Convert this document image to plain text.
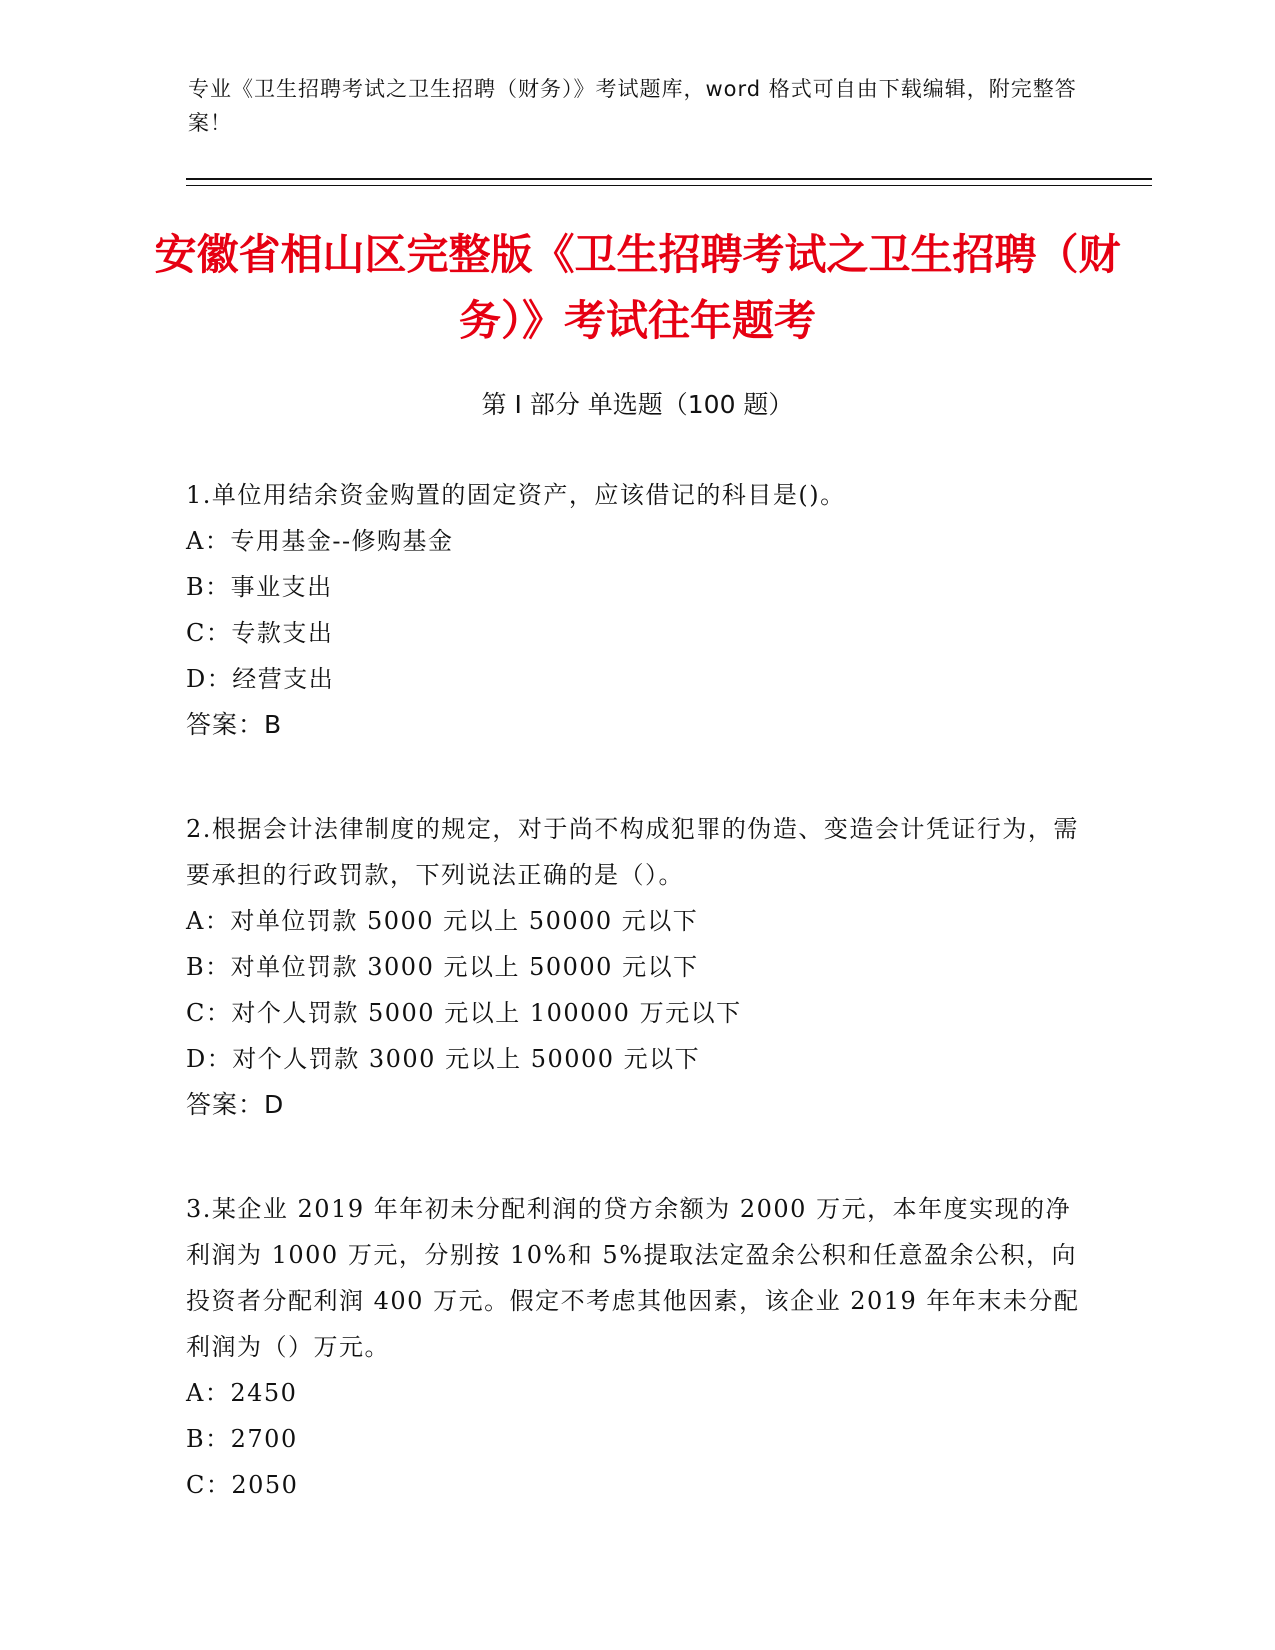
专业《卫生招聘考试之卫生招聘（财务）》考试题库，word 格式可自由下载编辑，附完整答案！
安徽省相山区完整版《卫生招聘考试之卫生招聘（财务）》考试往年题考
第 I 部分 单选题（100 题）
1.单位用结余资金购置的固定资产，应该借记的科目是()。
A：专用基金--修购基金
B：事业支出
C：专款支出
D：经营支出
答案：B
2.根据会计法律制度的规定，对于尚不构成犯罪的伪造、变造会计凭证行为，需要承担的行政罚款，下列说法正确的是（）。
A：对单位罚款 5000 元以上 50000 元以下
B：对单位罚款 3000 元以上 50000 元以下
C：对个人罚款 5000 元以上 100000 万元以下
D：对个人罚款 3000 元以上 50000 元以下
答案：D
3.某企业 2019 年年初未分配利润的贷方余额为 2000 万元，本年度实现的净利润为 1000 万元，分别按 10%和 5%提取法定盈余公积和任意盈余公积，向投资者分配利润 400 万元。假定不考虑其他因素，该企业 2019 年年末未分配利润为（）万元。
A：2450
B：2700
C：2050
